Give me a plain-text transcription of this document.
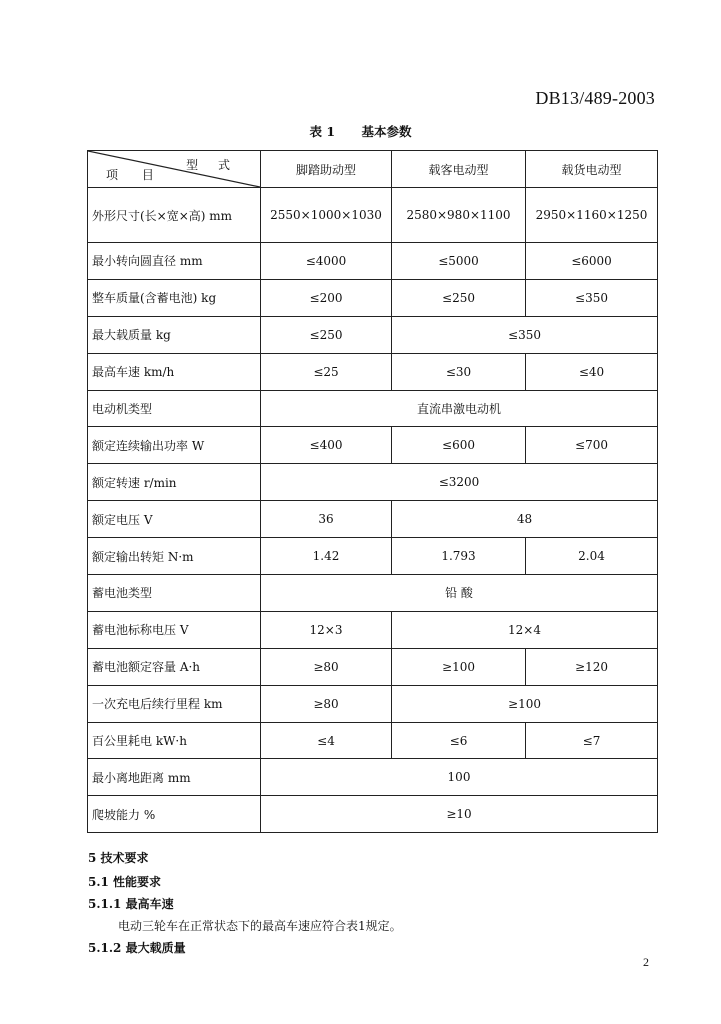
DB13/489-2003
表 1 基本参数
型 式
项 目	脚踏助动型	载客电动型	载货电动型
外形尺寸(长×宽×高) mm	2550×1000×1030	2580×980×1100	2950×1160×1250
最小转向圆直径 mm	≤4000	≤5000	≤6000
整车质量(含蓄电池) kg	≤200	≤250	≤350
最大载质量 kg	≤250	≤350	
最高车速 km/h	≤25	≤30	≤40
电动机类型	直流串激电动机		
额定连续输出功率 W	≤400	≤600	≤700
额定转速 r/min	≤3200		
额定电压 V	36	48	
额定输出转矩 N·m	1.42	1.793	2.04
蓄电池类型	铅 酸		
蓄电池标称电压 V	12×3	12×4	
蓄电池额定容量 A·h	≥80	≥100	≥120
一次充电后续行里程 km	≥80	≥100	
百公里耗电 kW·h	≤4	≤6	≤7
最小离地距离 mm	100		
爬坡能力 %	≥10		
5 技术要求
5.1 性能要求
5.1.1 最高车速
电动三轮车在正常状态下的最高车速应符合表1规定。
5.1.2 最大载质量
2
